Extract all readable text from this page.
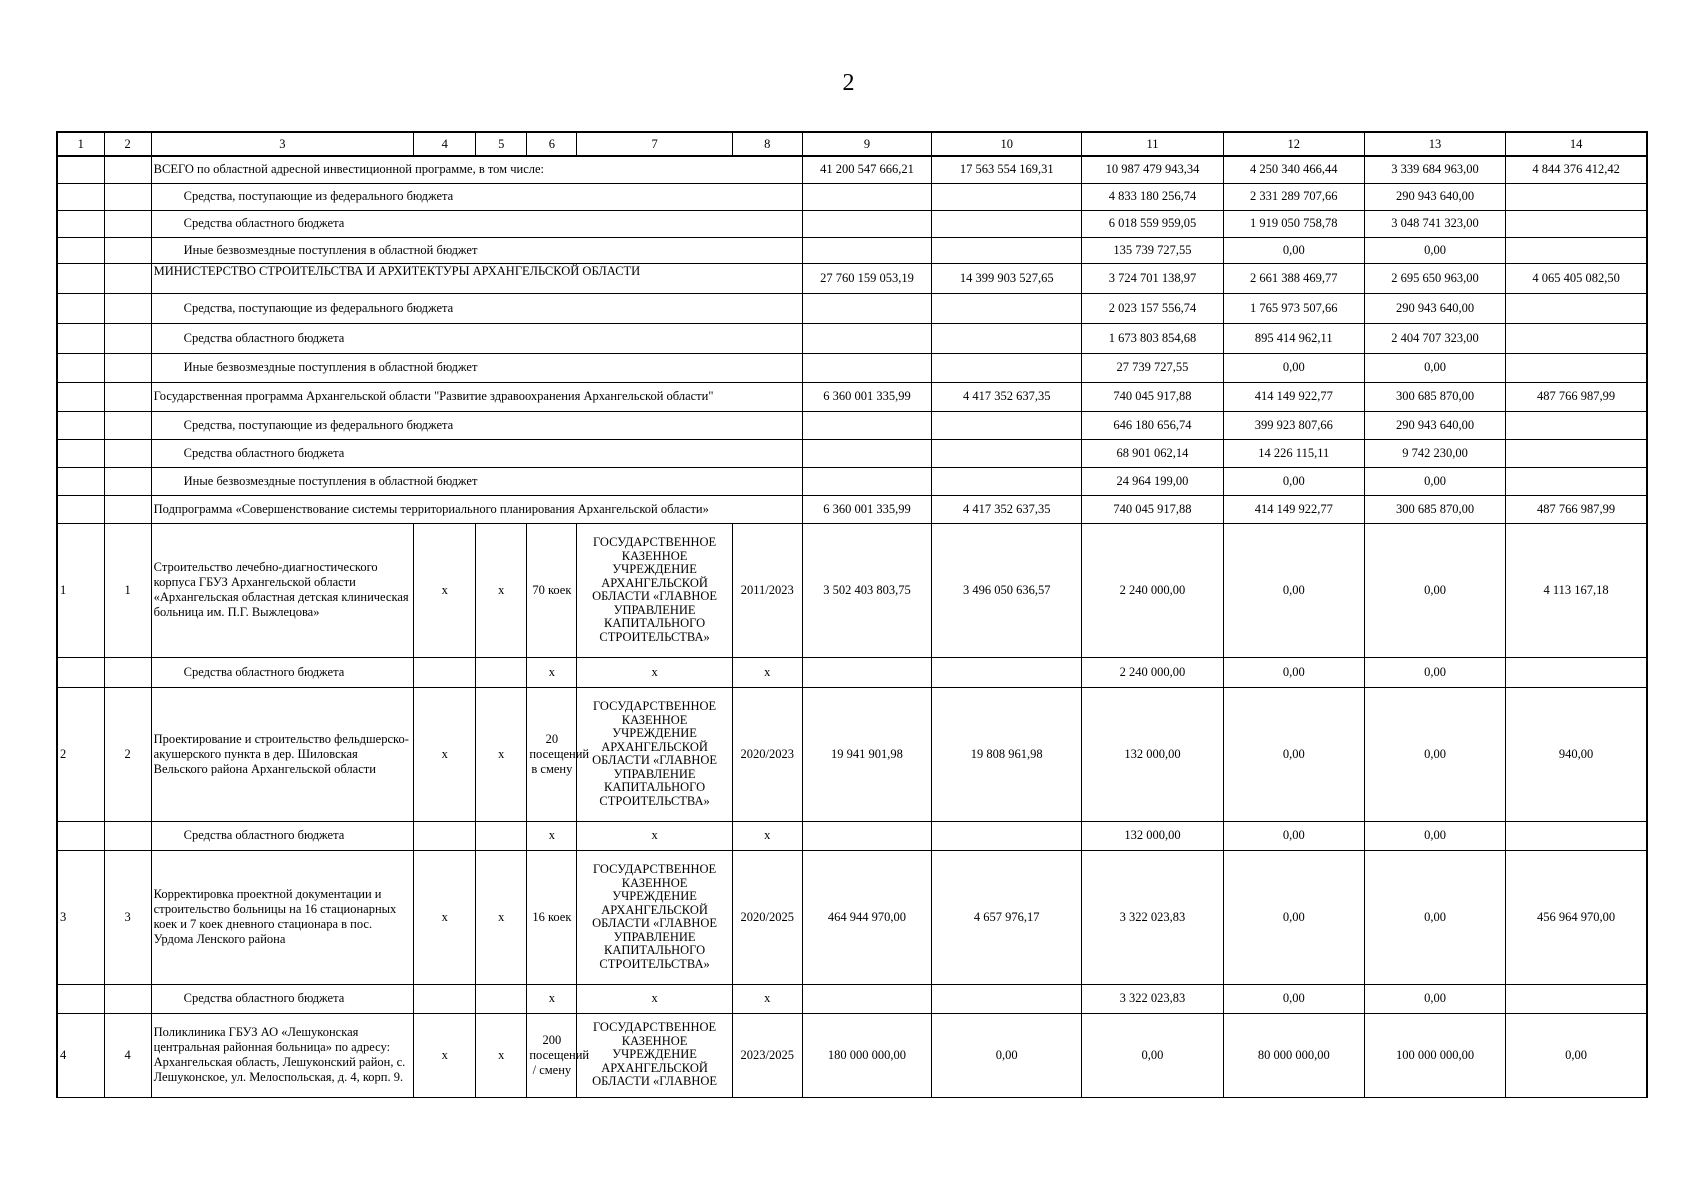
2
1	2	3	4	5	6	7	8	9	10	11	12	13	14
		ВСЕГО по областной адресной инвестиционной программе, в том числе:						41 200 547 666,21	17 563 554 169,31	10 987 479 943,34	4 250 340 466,44	3 339 684 963,00	4 844 376 412,42
		Средства, поступающие из федерального бюджета								4 833 180 256,74	2 331 289 707,66	290 943 640,00	
		Средства областного бюджета								6 018 559 959,05	1 919 050 758,78	3 048 741 323,00	
		Иные безвозмездные поступления в областной бюджет								135 739 727,55	0,00	0,00	
		МИНИСТЕРСТВО СТРОИТЕЛЬСТВА И АРХИТЕКТУРЫ АРХАНГЕЛЬСКОЙ ОБЛАСТИ						27 760 159 053,19	14 399 903 527,65	3 724 701 138,97	2 661 388 469,77	2 695 650 963,00	4 065 405 082,50
		Средства, поступающие из федерального бюджета								2 023 157 556,74	1 765 973 507,66	290 943 640,00	
		Средства областного бюджета								1 673 803 854,68	895 414 962,11	2 404 707 323,00	
		Иные безвозмездные поступления в областной бюджет								27 739 727,55	0,00	0,00	
		Государственная программа Архангельской области "Развитие здравоохранения Архангельской области"						6 360 001 335,99	4 417 352 637,35	740 045 917,88	414 149 922,77	300 685 870,00	487 766 987,99
		Средства, поступающие из федерального бюджета								646 180 656,74	399 923 807,66	290 943 640,00	
		Средства областного бюджета								68 901 062,14	14 226 115,11	9 742 230,00	
		Иные безвозмездные поступления в областной бюджет								24 964 199,00	0,00	0,00	
		Подпрограмма «Совершенствование системы территориального планирования Архангельской области»						6 360 001 335,99	4 417 352 637,35	740 045 917,88	414 149 922,77	300 685 870,00	487 766 987,99
1	1	Строительство лечебно-диагностического корпуса ГБУЗ Архангельской области «Архангельская областная детская клиническая больница им. П.Г. Выжлецова»	х	х	70 коек	ГОСУДАРСТВЕННОЕ КАЗЕННОЕ УЧРЕЖДЕНИЕ АРХАНГЕЛЬСКОЙ ОБЛАСТИ «ГЛАВНОЕ УПРАВЛЕНИЕ КАПИТАЛЬНОГО СТРОИТЕЛЬСТВА»	2011/2023	3 502 403 803,75	3 496 050 636,57	2 240 000,00	0,00	0,00	4 113 167,18
		Средства областного бюджета			х	х	х			2 240 000,00	0,00	0,00	
2	2	Проектирование и строительство фельдшерско-акушерского пункта в дер. Шиловская Вельского района Архангельской области	х	х	20 посещений в смену	ГОСУДАРСТВЕННОЕ КАЗЕННОЕ УЧРЕЖДЕНИЕ АРХАНГЕЛЬСКОЙ ОБЛАСТИ «ГЛАВНОЕ УПРАВЛЕНИЕ КАПИТАЛЬНОГО СТРОИТЕЛЬСТВА»	2020/2023	19 941 901,98	19 808 961,98	132 000,00	0,00	0,00	940,00
		Средства областного бюджета			х	х	х			132 000,00	0,00	0,00	
3	3	Корректировка проектной документации и строительство больницы на 16 стационарных коек и 7 коек дневного стационара в пос. Урдома Ленского района	х	х	16 коек	ГОСУДАРСТВЕННОЕ КАЗЕННОЕ УЧРЕЖДЕНИЕ АРХАНГЕЛЬСКОЙ ОБЛАСТИ «ГЛАВНОЕ УПРАВЛЕНИЕ КАПИТАЛЬНОГО СТРОИТЕЛЬСТВА»	2020/2025	464 944 970,00	4 657 976,17	3 322 023,83	0,00	0,00	456 964 970,00
		Средства областного бюджета			х	х	х			3 322 023,83	0,00	0,00	
4	4	Поликлиника ГБУЗ АО «Лешуконская центральная районная больница» по адресу: Архангельская область, Лешуконский район, с. Лешуконское, ул. Мелоспольская, д. 4, корп. 9.	х	х	200 посещений / смену	ГОСУДАРСТВЕННОЕ КАЗЕННОЕ УЧРЕЖДЕНИЕ АРХАНГЕЛЬСКОЙ ОБЛАСТИ «ГЛАВНОЕ	2023/2025	180 000 000,00	0,00	0,00	80 000 000,00	100 000 000,00	0,00
